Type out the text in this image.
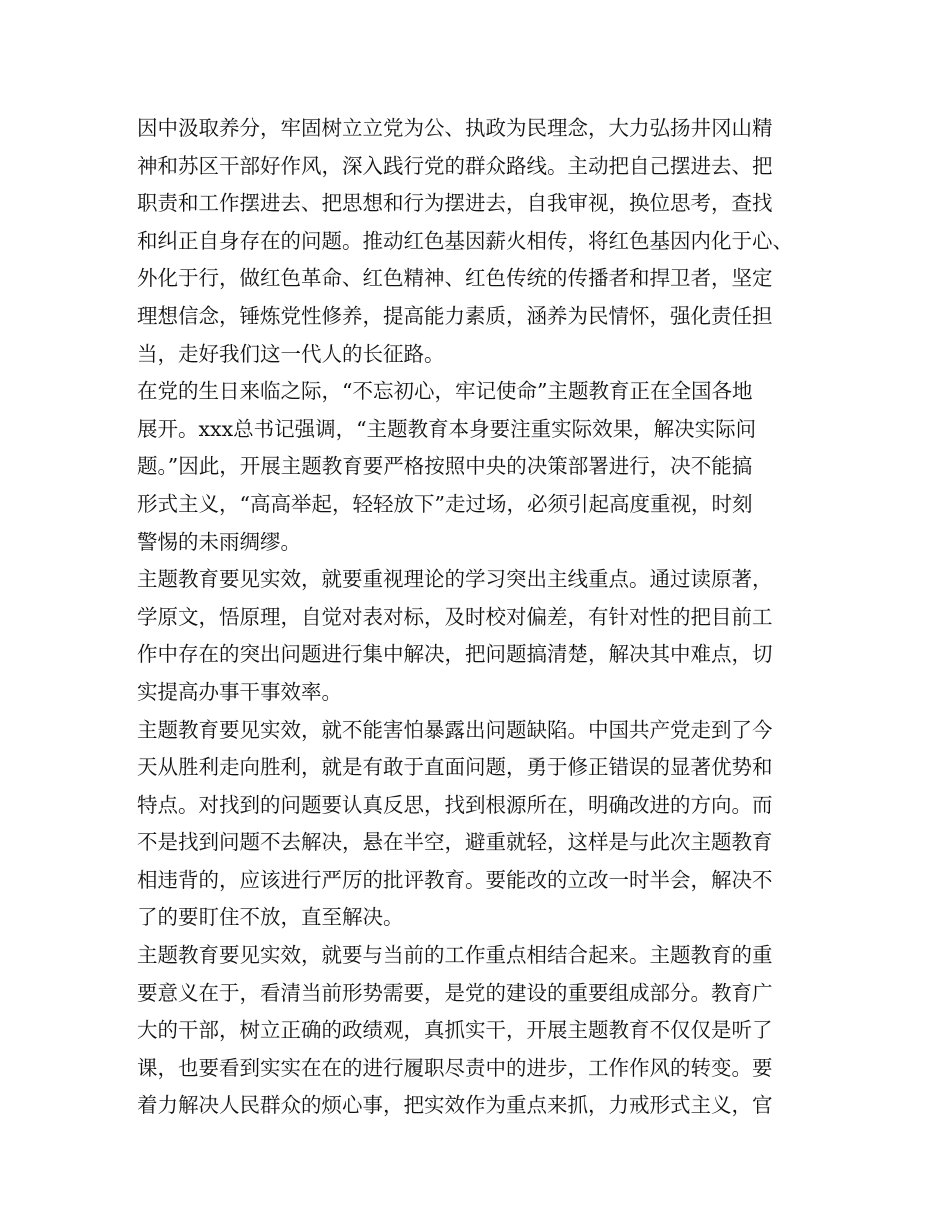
因中汲取养分，牢固树立立党为公、执政为民理念，大力弘扬井冈山精
神和苏区干部好作风，深入践行党的群众路线。主动把自己摆进去、把
职责和工作摆进去、把思想和行为摆进去，自我审视，换位思考，查找
和纠正自身存在的问题。推动红色基因薪火相传，将红色基因内化于心、
外化于行，做红色革命、红色精神、红色传统的传播者和捍卫者，坚定
理想信念，锤炼党性修养，提高能力素质，涵养为民情怀，强化责任担
当，走好我们这一代人的长征路。
在党的生日来临之际，“不忘初心，牢记使命”主题教育正在全国各地
展开。xxx总书记强调，“主题教育本身要注重实际效果，解决实际问
题。”因此，开展主题教育要严格按照中央的决策部署进行，决不能搞
形式主义，“高高举起，轻轻放下”走过场，必须引起高度重视，时刻
警惕的未雨绸缪。
主题教育要见实效，就要重视理论的学习突出主线重点。通过读原著，
学原文，悟原理，自觉对表对标，及时校对偏差，有针对性的把目前工
作中存在的突出问题进行集中解决，把问题搞清楚，解决其中难点，切
实提高办事干事效率。
主题教育要见实效，就不能害怕暴露出问题缺陷。中国共产党走到了今
天从胜利走向胜利，就是有敢于直面问题，勇于修正错误的显著优势和
特点。对找到的问题要认真反思，找到根源所在，明确改进的方向。而
不是找到问题不去解决，悬在半空，避重就轻，这样是与此次主题教育
相违背的，应该进行严厉的批评教育。要能改的立改一时半会，解决不
了的要盯住不放，直至解决。
主题教育要见实效，就要与当前的工作重点相结合起来。主题教育的重
要意义在于，看清当前形势需要，是党的建设的重要组成部分。教育广
大的干部，树立正确的政绩观，真抓实干，开展主题教育不仅仅是听了
课，也要看到实实在在的进行履职尽责中的进步，工作作风的转变。要
着力解决人民群众的烦心事，把实效作为重点来抓，力戒形式主义，官
